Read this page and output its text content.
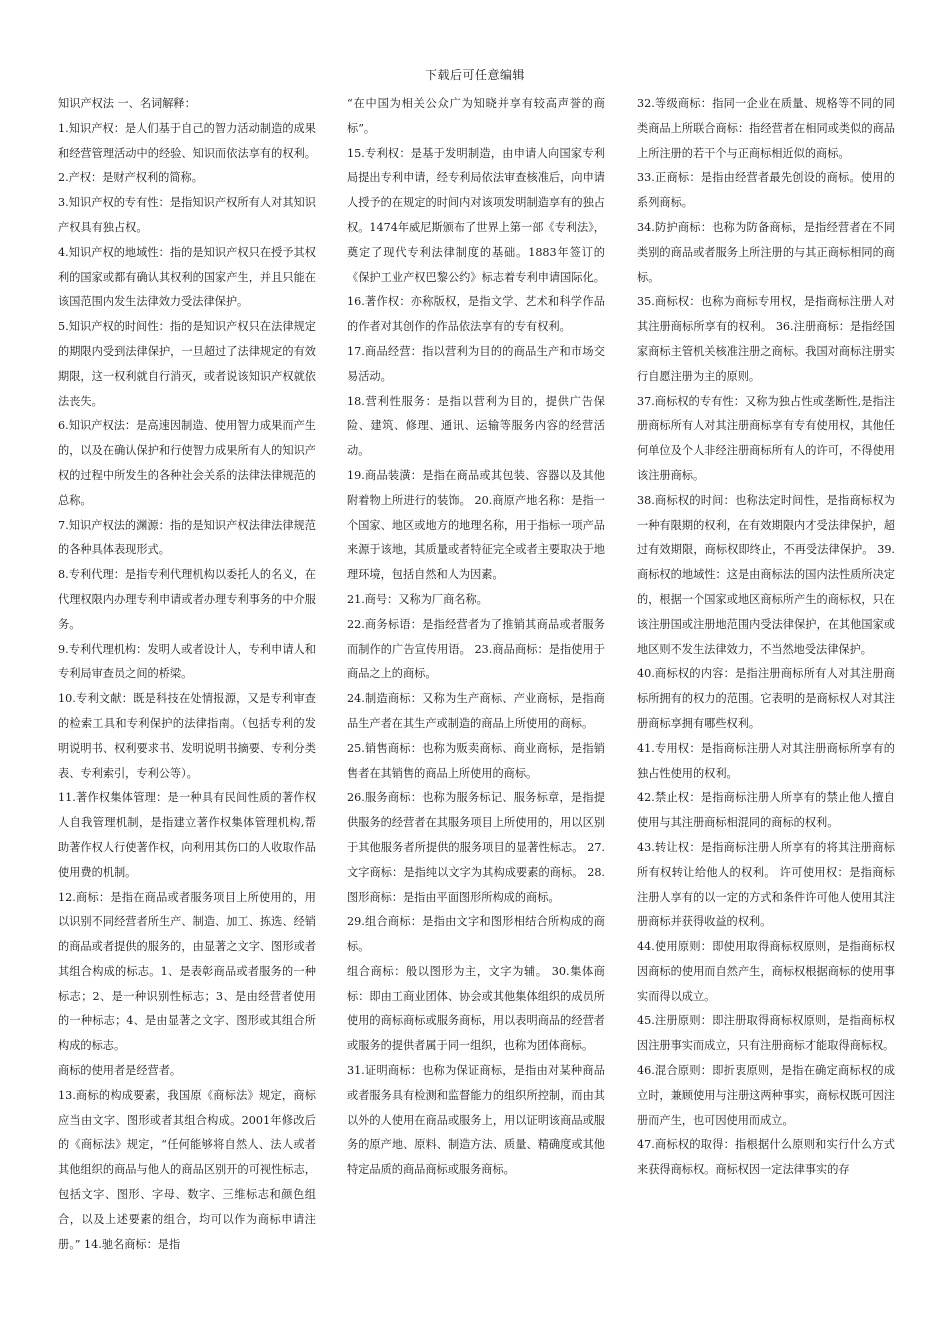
下载后可任意编辑

知识产权法 一、名词解释：

1.知识产权：是人们基于自己的智力活动制造的成果和经营管理活动中的经验、知识而依法享有的权利。 2.产权：是财产权利的简称。

3.知识产权的专有性：是指知识产权所有人对其知识产权具有独占权。

4.知识产权的地域性：指的是知识产权只在授予其权利的国家或都有确认其权利的国家产生，并且只能在该国范围内发生法律效力受法律保护。

5.知识产权的时间性：指的是知识产权只在法律规定的期限内受到法律保护，一旦超过了法律规定的有效期限，这一权利就自行消灭，或者说该知识产权就依法丧失。

6.知识产权法：是高速因制造、使用智力成果而产生的，以及在确认保护和行使智力成果所有人的知识产权的过程中所发生的各种社会关系的法律法律规范的总称。

7.知识产权法的渊源：指的是知识产权法律法律规范的各种具体表现形式。

8.专利代理：是指专利代理机构以委托人的名义，在代理权限内办理专利申请或者办理专利事务的中介服务。

9.专利代理机构：发明人或者设计人，专利申请人和专利局审查员之间的桥梁。

10.专利文献：既是科技在处情报源，又是专利审查的检索工具和专利保护的法律指南。（包括专利的发明说明书、权利要求书、发明说明书摘要、专利分类表、专利索引，专利公等）。

11.著作权集体管理：是一种具有民间性质的著作权人自我管理机制，是指建立著作权集体管理机构,帮助著作权人行使著作权，向利用其伤口的人收取作品使用费的机制。

12.商标：是指在商品或者服务项目上所使用的，用以识别不同经营者所生产、制造、加工、拣选、经销的商品或者提供的服务的，由显著之文字、图形或者其组合构成的标志。1、是表彰商品或者服务的一种标志；2、是一种识别性标志；3、是由经营者使用的一种标志；4、是由显著之文字、图形或其组合所构成的标志。

商标的使用者是经营者。

13.商标的构成要素，我国原《商标法》规定，商标应当由文字、图形或者其组合构成。2001年修改后的《商标法》规定，“任何能够将自然人、法人或者其他组织的商品与他人的商品区别开的可视性标志，包括文字、图形、字母、数字、三维标志和颜色组合，以及上述要素的组合，均可以作为商标申请注册。” 14.驰名商标：是指

“在中国为相关公众广为知晓并享有较高声誉的商标”。

15.专利权：是基于发明制造，由申请人向国家专利局提出专利申请，经专利局依法审查核准后，向申请人授予的在规定的时间内对该项发明制造享有的独占权。1474年威尼斯颁布了世界上第一部《专利法》，奠定了现代专利法律制度的基础。1883年签订的《保护工业产权巴黎公约》标志着专利申请国际化。 16.著作权：亦称版权，是指文学、艺术和科学作品的作者对其创作的作品依法享有的专有权利。

17.商品经营：指以营利为目的的商品生产和市场交易活动。

18.营利性服务：是指以营利为目的，提供广告保险、建筑、修理、通讯、运输等服务内容的经营活动。

19.商品装潢：是指在商品或其包装、容器以及其他附着物上所进行的装饰。 20.商原产地名称：是指一个国家、地区或地方的地理名称，用于指标一项产品来源于该地，其质量或者特征完全或者主要取决于地理环境，包括自然和人为因素。

21.商号：又称为厂商名称。

22.商务标语：是指经营者为了推销其商品或者服务而制作的广告宣传用语。 23.商品商标：是指使用于商品之上的商标。

24.制造商标：又称为生产商标、产业商标，是指商品生产者在其生产或制造的商品上所使用的商标。

25.销售商标：也称为贩卖商标、商业商标，是指销售者在其销售的商品上所使用的商标。

26.服务商标：也称为服务标记、服务标章，是指提供服务的经营者在其服务项目上所使用的，用以区别于其他服务者所提供的服务项目的显著性标志。 27.文字商标：是指纯以文字为其构成要素的商标。 28.图形商标：是指由平面图形所构成的商标。

29.组合商标：是指由文字和图形相结合所构成的商标。

组合商标：般以图形为主，文字为辅。 30.集体商标：即由工商业团体、协会或其他集体组织的成员所使用的商标商标或服务商标，用以表明商品的经营者或服务的提供者属于同一组织，也称为团体商标。

31.证明商标：也称为保证商标，是指由对某种商品或者服务具有检测和监督能力的组织所控制，而由其以外的人使用在商品或服务上，用以证明该商品或服务的原产地、原料、制造方法、质量、精确度或其他特定品质的商品商标或服务商标。

32.等级商标：指同一企业在质量、规格等不同的同类商品上所联合商标：指经营者在相同或类似的商品上所注册的若干个与正商标相近似的商标。

33.正商标：是指由经营者最先创设的商标。使用的系列商标。

34.防护商标：也称为防备商标，是指经营者在不同类别的商品或者服务上所注册的与其正商标相同的商标。

35.商标权：也称为商标专用权，是指商标注册人对其注册商标所享有的权利。 36.注册商标：是指经国家商标主管机关核准注册之商标。我国对商标注册实行自愿注册为主的原则。

37.商标权的专有性：又称为独占性或垄断性,是指注册商标所有人对其注册商标享有专有使用权，其他任何单位及个人非经注册商标所有人的许可，不得使用该注册商标。

38.商标权的时间：也称法定时间性，是指商标权为一种有限期的权利，在有效期限内才受法律保护，超过有效期限，商标权即终止，不再受法律保护。 39.商标权的地域性：这是由商标法的国内法性质所决定的，根据一个国家或地区商标所产生的商标权，只在该注册国或注册地范围内受法律保护，在其他国家或地区则不发生法律效力，不当然地受法律保护。

40.商标权的内容：是指注册商标所有人对其注册商标所拥有的权力的范围。它表明的是商标权人对其注册商标享拥有哪些权利。

41.专用权：是指商标注册人对其注册商标所享有的独占性使用的权利。

42.禁止权：是指商标注册人所享有的禁止他人擅自使用与其注册商标相混同的商标的权利。

43.转让权：是指商标注册人所享有的将其注册商标所有权转让给他人的权利。 许可使用权：是指商标注册人享有的以一定的方式和条件许可他人使用其注册商标并获得收益的权利。

44.使用原则：即使用取得商标权原则，是指商标权因商标的使用而自然产生，商标权根据商标的使用事实而得以成立。

45.注册原则：即注册取得商标权原则，是指商标权因注册事实而成立，只有注册商标才能取得商标权。

46.混合原则：即折衷原则，是指在确定商标权的成立时，兼顾使用与注册这两种事实，商标权既可因注册而产生，也可因使用而成立。

47.商标权的取得：指根据什么原则和实行什么方式来获得商标权。商标权因一定法律事实的存
